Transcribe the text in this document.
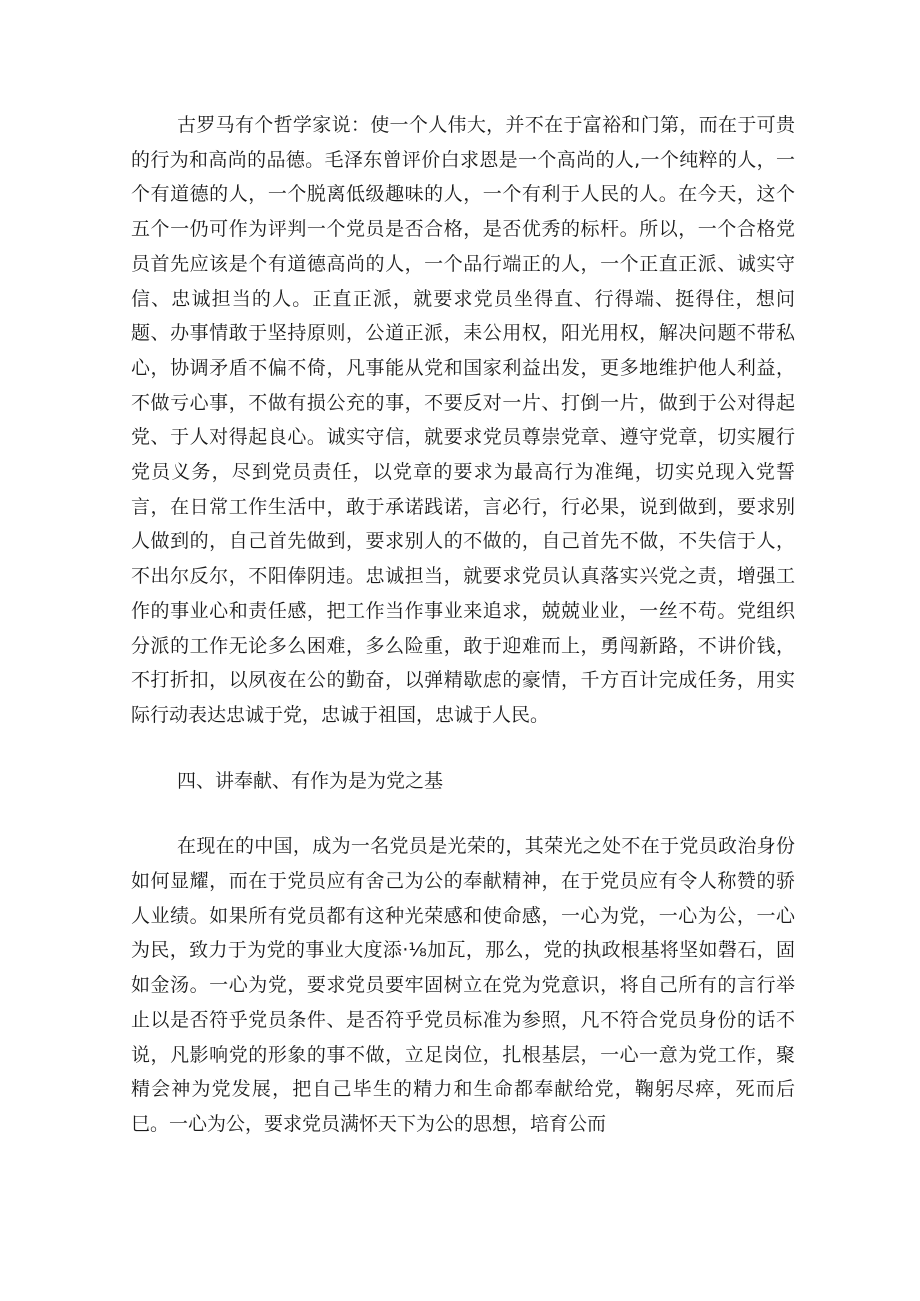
古罗马有个哲学家说：使一个人伟大，并不在于富裕和门第，而在于可贵的行为和高尚的品德。毛泽东曾评价白求恩是一个高尚的人,一个纯粹的人，一个有道德的人，一个脱离低级趣味的人，一个有利于人民的人。在今天，这个五个一仍可作为评判一个党员是否合格，是否优秀的标杆。所以，一个合格党员首先应该是个有道德高尚的人，一个品行端正的人，一个正直正派、诚实守信、忠诚担当的人。正直正派，就要求党员坐得直、行得端、挺得住，想问题、办事情敢于坚持原则，公道正派，耒公用权，阳光用权，解决问题不带私心，协调矛盾不偏不倚，凡事能从党和国家利益出发，更多地维护他人利益，不做亏心事，不做有损公充的事，不要反对一片、打倒一片，做到于公对得起党、于人对得起良心。诚实守信，就要求党员尊崇党章、遵守党章，切实履行党员义务，尽到党员责任，以党章的要求为最高行为准绳，切实兑现入党誓言，在日常工作生活中，敢于承诺践诺，言必行，行必果，说到做到，要求别人做到的，自己首先做到，要求别人的不做的，自己首先不做，不失信于人，不出尔反尔，不阳俸阴违。忠诚担当，就要求党员认真落实兴党之责，增强工作的事业心和责任感，把工作当作事业来追求，兢兢业业，一丝不苟。党组织分派的工作无论多么困难，多么险重，敢于迎难而上，勇闯新路，不讲价钱，不打折扣，以夙夜在公的勤奋，以弹精歇虑的豪情，千方百计完成任务，用实际行动表达忠诚于党，忠诚于祖国，忠诚于人民。

四、讲奉献、有作为是为党之基

在现在的中国，成为一名党员是光荣的，其荣光之处不在于党员政治身份如何显耀，而在于党员应有舍己为公的奉献精神，在于党员应有令人称赞的骄人业绩。如果所有党员都有这种光荣感和使命感，一心为党，一心为公，一心为民，致力于为党的事业大度添·⅛加瓦，那么，党的执政根基将坚如磬石，固如金汤。一心为党，要求党员要牢固树立在党为党意识，将自己所有的言行举止以是否符乎党员条件、是否符乎党员标准为参照，凡不符合党员身份的话不说，凡影响党的形象的事不做，立足岗位，扎根基层，一心一意为党工作，聚精会神为党发展，把自己毕生的精力和生命都奉献给党，鞠躬尽瘁，死而后巳。一心为公，要求党员满怀天下为公的思想，培育公而
